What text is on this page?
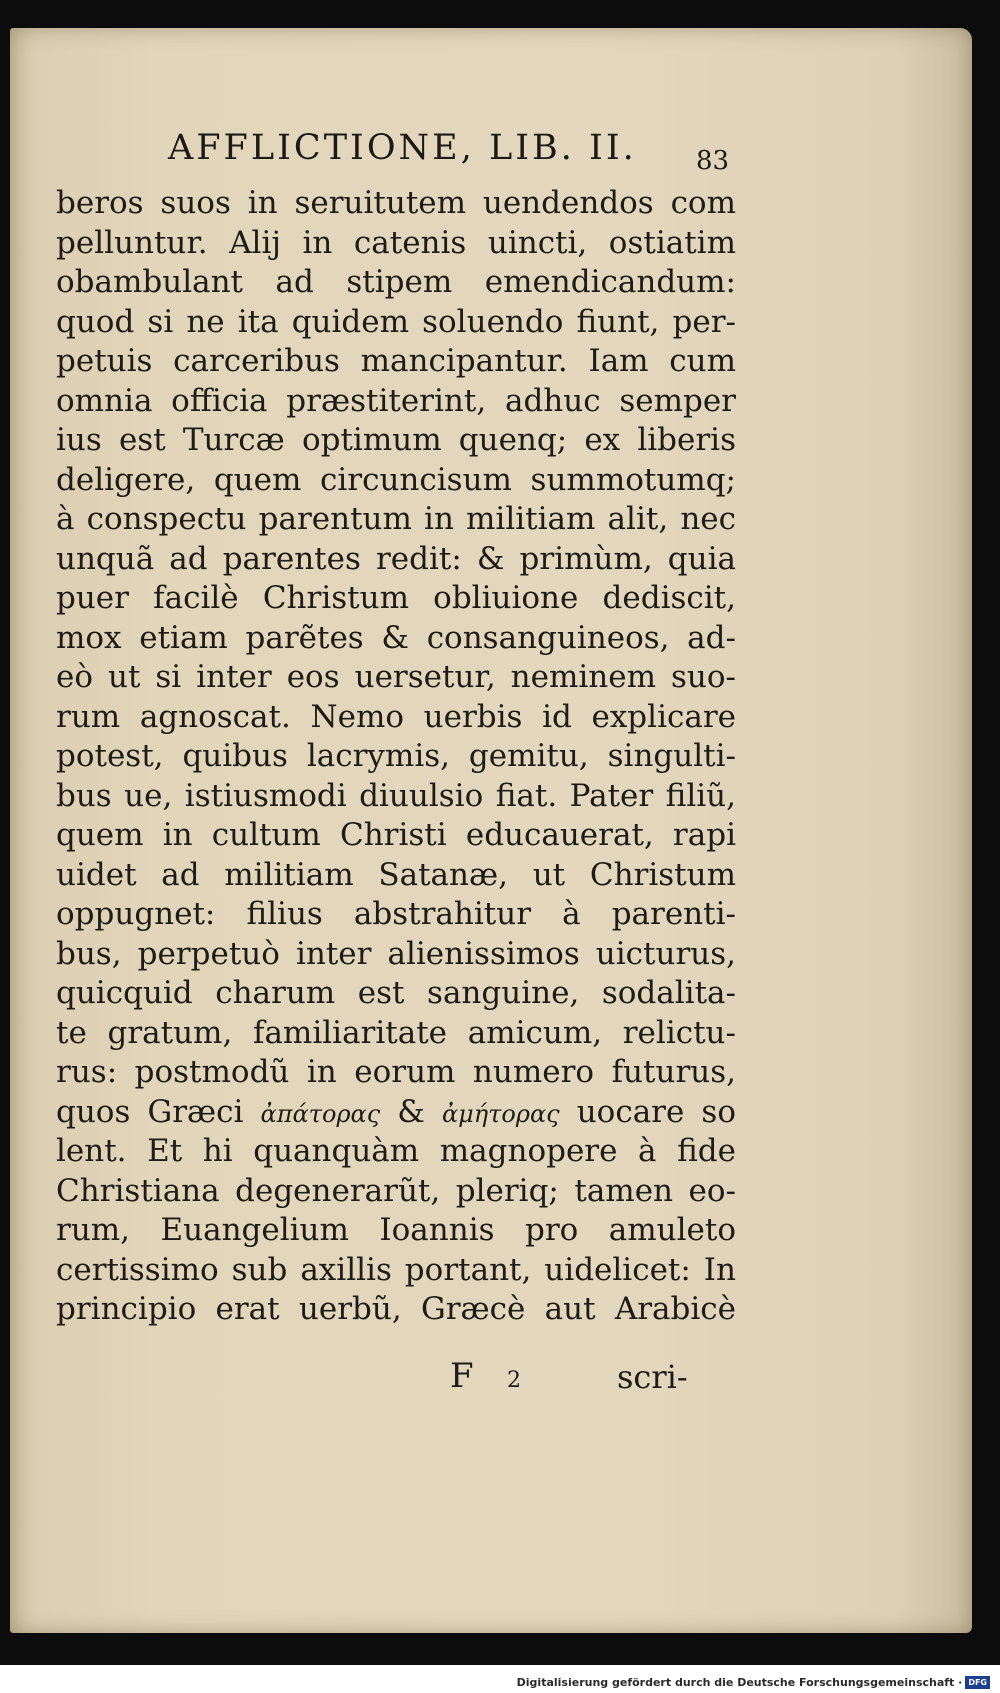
AFFLICTIONE, LIB. II. 83
beros suos in seruitutem uendendos com
pelluntur. Alij in catenis uincti, ostiatim
obambulant ad stipem emendicandum:
quod si ne ita quidem soluendo fiunt, per-
petuis carceribus mancipantur. Iam cum
omnia officia præstiterint, adhuc semper
ius est Turcæ optimum quenq; ex liberis
deligere, quem circuncisum summotumq;
à conspectu parentum in militiam alit, nec
unquã ad parentes redit: & primùm, quia
puer facilè Christum obliuione dediscit,
mox etiam parẽtes & consanguineos, ad-
eò ut si inter eos uersetur, neminem suo-
rum agnoscat. Nemo uerbis id explicare
potest, quibus lacrymis, gemitu, singulti-
bus ue, istiusmodi diuulsio fiat. Pater filiũ,
quem in cultum Christi educauerat, rapi
uidet ad militiam Satanæ, ut Christum
oppugnet: filius abstrahitur à parenti-
bus, perpetuò inter alienissimos uicturus,
quicquid charum est sanguine, sodalita-
te gratum, familiaritate amicum, relictu-
rus: postmodũ in eorum numero futurus,
quos Græci ἀπάτορας & ἀμήτορας uocare so
lent. Et hi quanquàm magnopere à fide
Christiana degenerarũt, pleriq; tamen eo-
rum, Euangelium Ioannis pro amuleto
certissimo sub axillis portant, uidelicet: In
principio erat uerbũ, Græcè aut Arabicè
F 2	scri-
Digitalisierung gefördert durch die Deutsche Forschungsgemeinschaft · DFG
